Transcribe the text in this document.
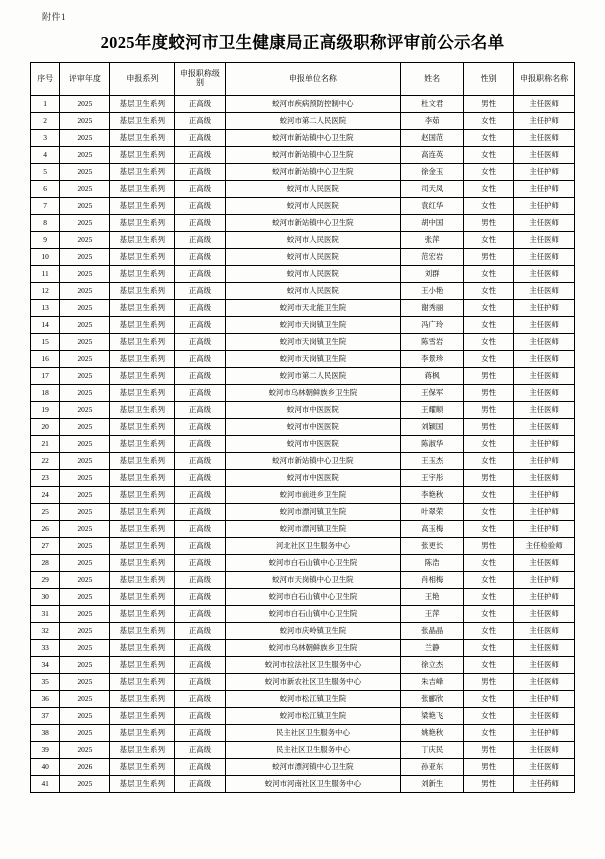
附件1
2025年度蛟河市卫生健康局正高级职称评审前公示名单
序号	评审年度	申报系列	申报职称级别	申报单位名称	姓名	性别	申报职称名称
1	2025	基层卫生系列	正高级	蛟河市疾病预防控制中心	杜文君	男性	主任医师
2	2025	基层卫生系列	正高级	蛟河市第二人民医院	李茹	女性	主任护师
3	2025	基层卫生系列	正高级	蛟河市新站镇中心卫生院	赵国范	女性	主任医师
4	2025	基层卫生系列	正高级	蛟河市新站镇中心卫生院	高连英	女性	主任医师
5	2025	基层卫生系列	正高级	蛟河市新站镇中心卫生院	徐金玉	女性	主任护师
6	2025	基层卫生系列	正高级	蛟河市人民医院	司天凤	女性	主任护师
7	2025	基层卫生系列	正高级	蛟河市人民医院	袁红华	女性	主任护师
8	2025	基层卫生系列	正高级	蛟河市新站镇中心卫生院	胡中国	男性	主任医师
9	2025	基层卫生系列	正高级	蛟河市人民医院	张萍	女性	主任医师
10	2025	基层卫生系列	正高级	蛟河市人民医院	范宏岩	男性	主任医师
11	2025	基层卫生系列	正高级	蛟河市人民医院	刘群	女性	主任医师
12	2025	基层卫生系列	正高级	蛟河市人民医院	王小艳	女性	主任医师
13	2025	基层卫生系列	正高级	蛟河市天北能卫生院	谢秀丽	女性	主任护师
14	2025	基层卫生系列	正高级	蛟河市天岗镇卫生院	冯广玲	女性	主任医师
15	2025	基层卫生系列	正高级	蛟河市天岗镇卫生院	陈雪岩	女性	主任医师
16	2025	基层卫生系列	正高级	蛟河市天岗镇卫生院	李景珍	女性	主任医师
17	2025	基层卫生系列	正高级	蛟河市第二人民医院	蒋枫	男性	主任医师
18	2025	基层卫生系列	正高级	蛟河市乌林朝鲜族乡卫生院	王保军	男性	主任医师
19	2025	基层卫生系列	正高级	蛟河市中医医院	王耀顺	男性	主任医师
20	2025	基层卫生系列	正高级	蛟河市中医医院	刘颖国	男性	主任医师
21	2025	基层卫生系列	正高级	蛟河市中医医院	陈淑华	女性	主任护师
22	2025	基层卫生系列	正高级	蛟河市新站镇中心卫生院	王玉杰	女性	主任护师
23	2025	基层卫生系列	正高级	蛟河市中医医院	王宇彤	男性	主任医师
24	2025	基层卫生系列	正高级	蛟河市前进乡卫生院	李艳秋	女性	主任护师
25	2025	基层卫生系列	正高级	蛟河市漂河镇卫生院	叶翠荣	女性	主任护师
26	2025	基层卫生系列	正高级	蛟河市漂河镇卫生院	高玉梅	女性	主任护师
27	2025	基层卫生系列	正高级	河北社区卫生服务中心	张更长	男性	主任检验师
28	2025	基层卫生系列	正高级	蛟河市白石山镇中心卫生院	陈浩	女性	主任医师
29	2025	基层卫生系列	正高级	蛟河市天岗镇中心卫生院	肖相梅	女性	主任护师
30	2025	基层卫生系列	正高级	蛟河市白石山镇中心卫生院	王艳	女性	主任护师
31	2025	基层卫生系列	正高级	蛟河市白石山镇中心卫生院	王萍	女性	主任医师
32	2025	基层卫生系列	正高级	蛟河市庆岭镇卫生院	张晶晶	女性	主任医师
33	2025	基层卫生系列	正高级	蛟河市乌林朝鲜族乡卫生院	兰静	女性	主任医师
34	2025	基层卫生系列	正高级	蛟河市拉法社区卫生服务中心	徐立杰	女性	主任医师
35	2025	基层卫生系列	正高级	蛟河市新农社区卫生服务中心	朱吉峰	男性	主任医师
36	2025	基层卫生系列	正高级	蛟河市松江镇卫生院	张郦欣	女性	主任护师
37	2025	基层卫生系列	正高级	蛟河市松江镇卫生院	梁艳飞	女性	主任医师
38	2025	基层卫生系列	正高级	民主社区卫生服务中心	姚艳秋	女性	主任护师
39	2025	基层卫生系列	正高级	民主社区卫生服务中心	丁庆民	男性	主任医师
40	2026	基层卫生系列	正高级	蛟河市漂河镇中心卫生院	孙亚东	男性	主任医师
41	2025	基层卫生系列	正高级	蛟河市河南社区卫生服务中心	刘新生	男性	主任药师
